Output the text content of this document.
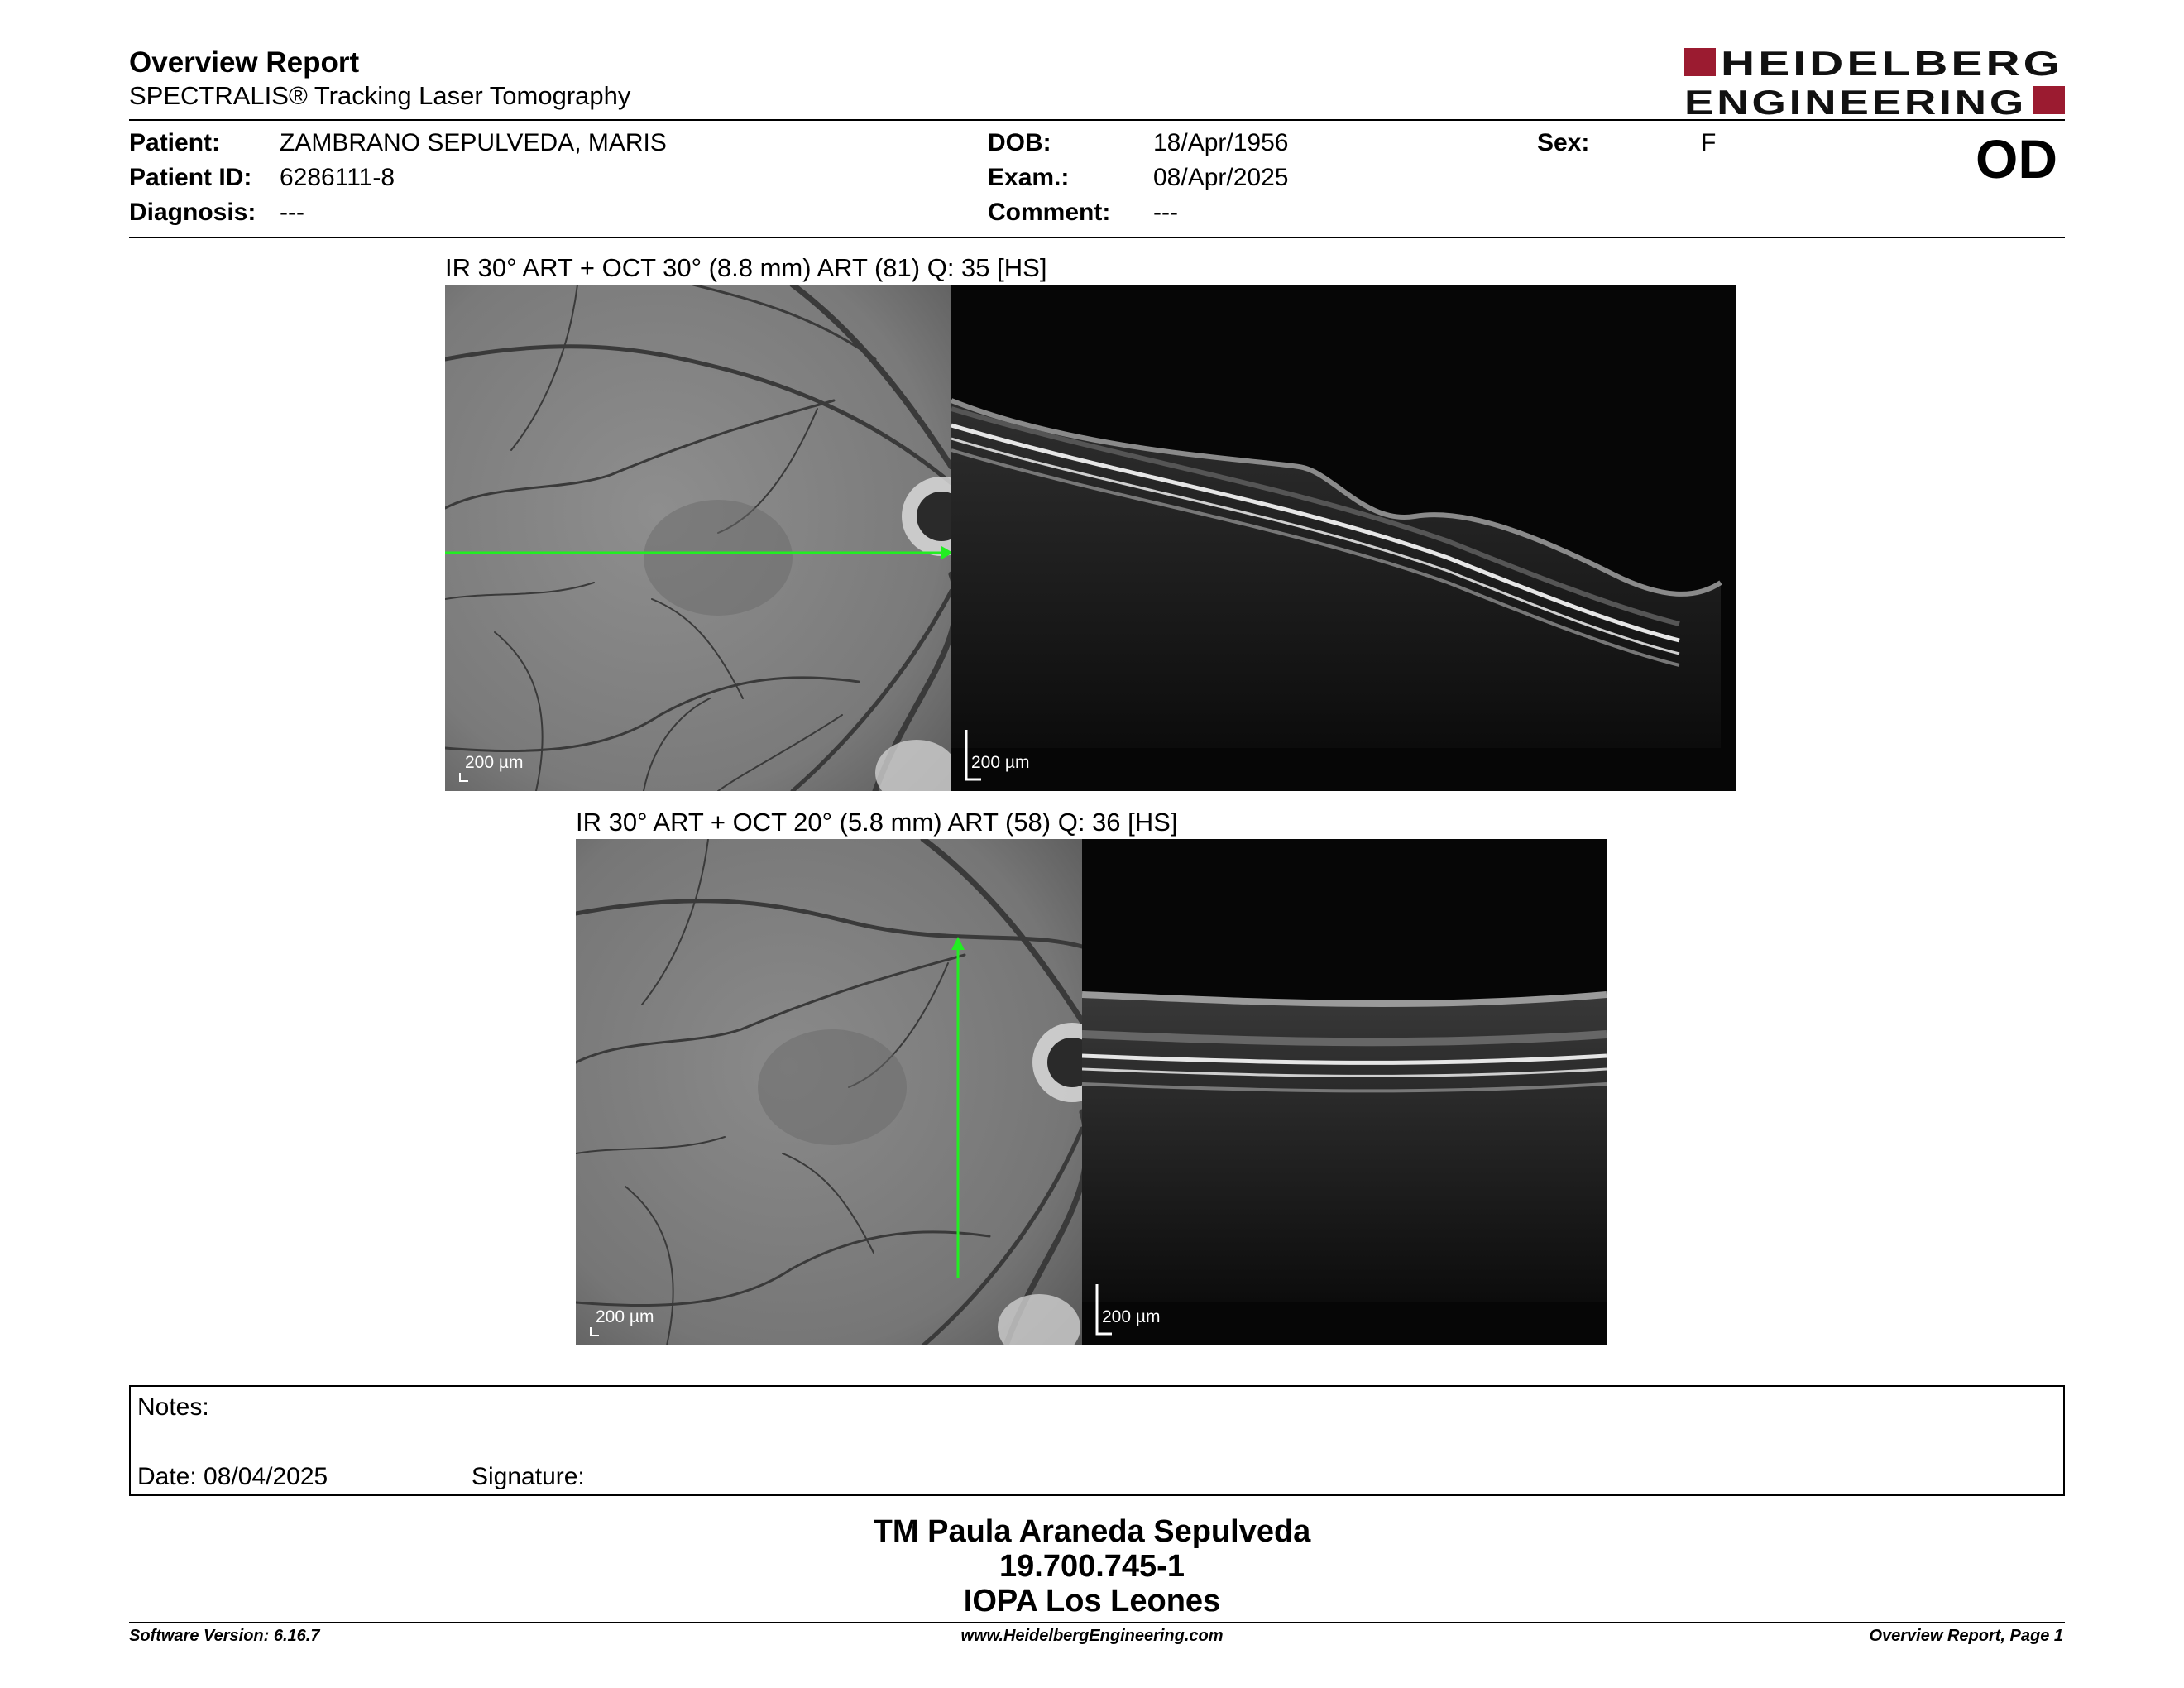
Overview Report
SPECTRALIS® Tracking Laser Tomography
HEIDELBERG
ENGINEERING
Patient: ZAMBRANO SEPULVEDA, MARIS
Patient ID: 6286111-8
Diagnosis: ---
DOB:	18/Apr/1956
Exam.:	08/Apr/2025
Comment: ---
Sex:	F	OD
IR 30° ART + OCT 30° (8.8 mm) ART (81) Q: 35 [HS]
200 µm	200 µm
IR 30° ART + OCT 20° (5.8 mm) ART (58) Q: 36 [HS]
200 µm	200 µm
Notes:
Date: 08/04/2025	Signature:
TM Paula Araneda Sepulveda
19.700.745-1
IOPA Los Leones
Software Version: 6.16.7	www.HeidelbergEngineering.com	Overview Report, Page 1
